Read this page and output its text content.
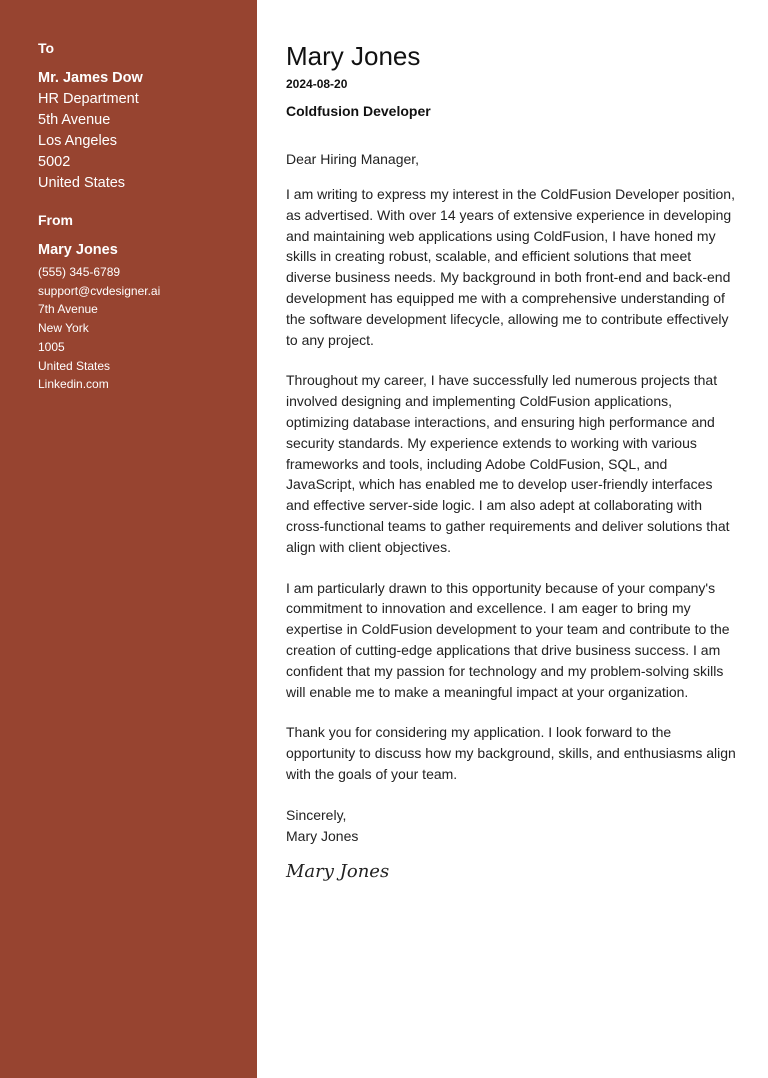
To
Mr. James Dow
HR Department
5th Avenue
Los Angeles
5002
United States
From
Mary Jones
(555) 345-6789
support@cvdesigner.ai
7th Avenue
New York
1005
United States
Linkedin.com
Mary Jones
2024-08-20
Coldfusion Developer
Dear Hiring Manager,
I am writing to express my interest in the ColdFusion Developer position, as advertised. With over 14 years of extensive experience in developing and maintaining web applications using ColdFusion, I have honed my skills in creating robust, scalable, and efficient solutions that meet diverse business needs. My background in both front-end and back-end development has equipped me with a comprehensive understanding of the software development lifecycle, allowing me to contribute effectively to any project.
Throughout my career, I have successfully led numerous projects that involved designing and implementing ColdFusion applications, optimizing database interactions, and ensuring high performance and security standards. My experience extends to working with various frameworks and tools, including Adobe ColdFusion, SQL, and JavaScript, which has enabled me to develop user-friendly interfaces and effective server-side logic. I am also adept at collaborating with cross-functional teams to gather requirements and deliver solutions that align with client objectives.
I am particularly drawn to this opportunity because of your company's commitment to innovation and excellence. I am eager to bring my expertise in ColdFusion development to your team and contribute to the creation of cutting-edge applications that drive business success. I am confident that my passion for technology and my problem-solving skills will enable me to make a meaningful impact at your organization.
Thank you for considering my application. I look forward to the opportunity to discuss how my background, skills, and enthusiasms align with the goals of your team.
Sincerely,
Mary Jones
Mary Jones
